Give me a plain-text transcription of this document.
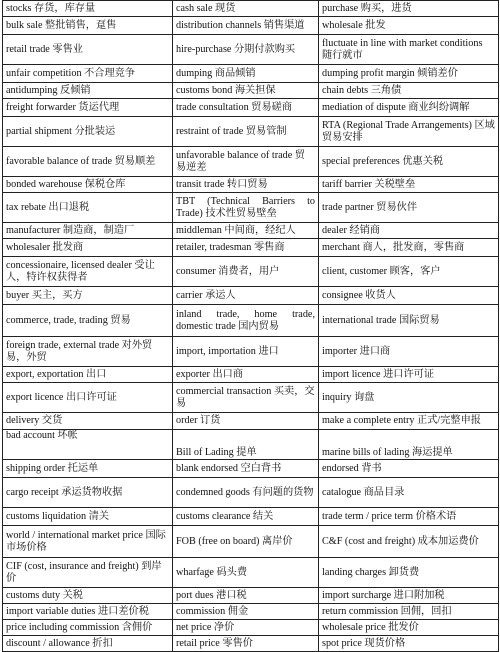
stocks 存货，库存量	cash sale 现货	purchase 购买，进货

bulk sale 整批销售，趸售	distribution channels 销售渠道	wholesale 批发

retail trade 零售业	hire-purchase 分期付款购买	fluctuate in line with market conditions 随行就市

unfair competition 不合理竞争	dumping 商品倾销	dumping profit margin 倾销差价

antidumping 反倾销	customs bond 海关担保	chain debts 三角债

freight forwarder 货运代理	trade consultation 贸易磋商	mediation of dispute 商业纠纷调解

partial shipment 分批装运	restraint of trade 贸易管制	RTA (Regional Trade Arrangements) 区域贸易安排

favorable balance of trade 贸易顺差	unfavorable balance of trade 贸易逆差	special preferences 优惠关税

bonded warehouse 保税仓库	transit trade 转口贸易	tariff barrier 关税壁垒

tax rebate 出口退税	TBT (Technical Barriers to Trade) 技术性贸易壁垒	trade partner 贸易伙伴

manufacturer 制造商，制造厂	middleman 中间商，经纪人	dealer 经销商

wholesaler 批发商	retailer, tradesman 零售商	merchant 商人，批发商，零售商

concessionaire, licensed dealer 受让人，特许权获得者	consumer 消费者，用户	client, customer 顾客，客户

buyer 买主，买方	carrier 承运人	consignee 收货人

commerce, trade, trading 贸易	inland trade, home trade, domestic trade 国内贸易	international trade 国际贸易

foreign trade, external trade 对外贸易，外贸	import, importation 进口	importer 进口商

export, exportation 出口	exporter 出口商	import licence 进口许可证

export licence 出口许可证	commercial transaction 买卖，交易	inquiry 询盘

delivery 交货	order 订货	make a complete entry 正式/完整申报

bad account 坏帐	Bill of Lading 提单	marine bills of lading 海运提单

shipping order 托运单	blank endorsed 空白背书	endorsed 背书

cargo receipt 承运货物收据	condemned goods 有问题的货物	catalogue 商品目录

customs liquidation 清关	customs clearance 结关	trade term / price term 价格术语

world / international market price 国际市场价格	FOB (free on board) 离岸价	C&F (cost and freight) 成本加运费价

CIF (cost, insurance and freight) 到岸价	wharfage 码头费	landing charges 卸货费

customs duty 关税	port dues 港口税	import surcharge 进口附加税

import variable duties 进口差价税	commission 佣金	return commission 回佣，回扣

price including commission 含佣价	net price 净价	wholesale price 批发价

discount / allowance 折扣	retail price 零售价	spot price 现货价格
